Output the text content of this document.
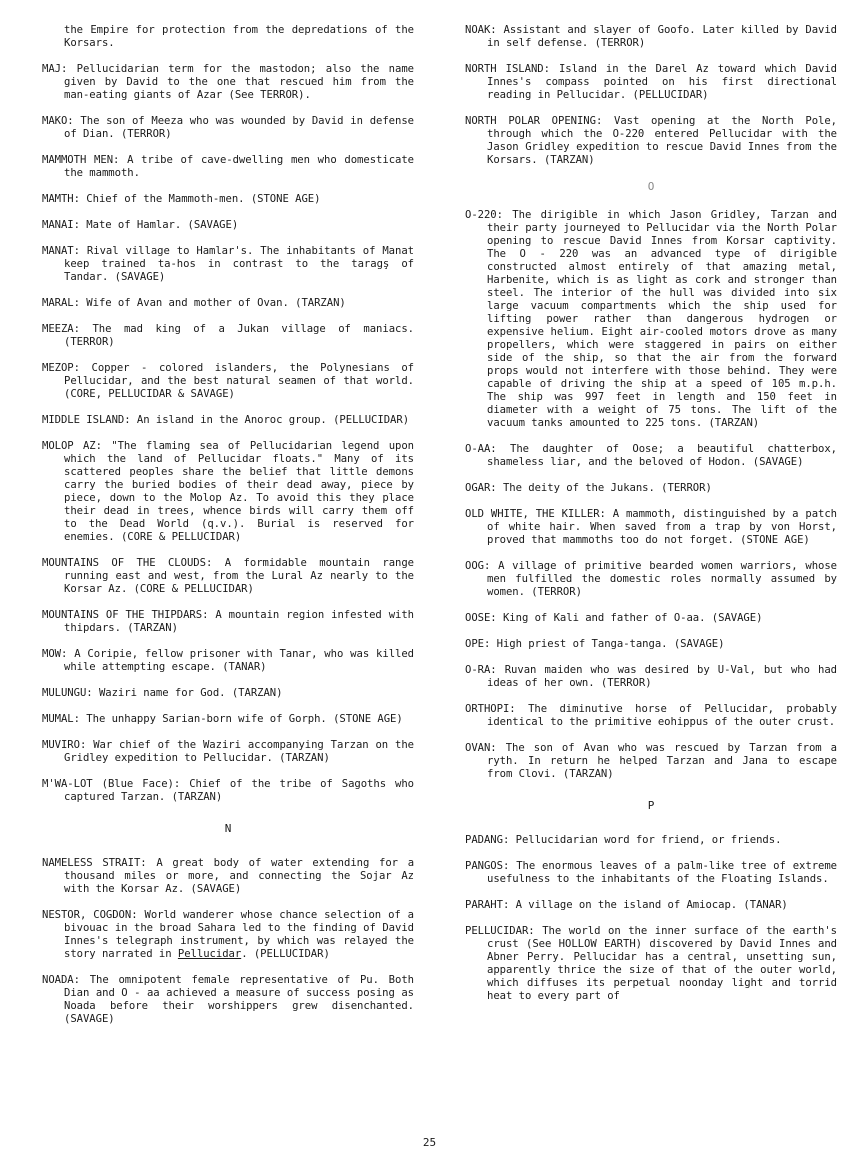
the Empire for protection from the depredations of the Korsars.

MAJ: Pellucidarian term for the mastodon; also the name given by David to the one that rescued him from the man-eating giants of Azar (See TERROR).

MAKO: The son of Meeza who was wounded by David in defense of Dian. (TERROR)

MAMMOTH MEN: A tribe of cave-dwelling men who domesticate the mammoth.

MAMTH: Chief of the Mammoth-men. (STONE AGE)

MANAI: Mate of Hamlar. (SAVAGE)

MANAT: Rival village to Hamlar's. The inhabitants of Manat keep trained ta-hos in contrast to the taragş of Tandar. (SAVAGE)

MARAL: Wife of Avan and mother of Ovan. (TARZAN)

MEEZA: The mad king of a Jukan village of maniacs. (TERROR)

MEZOP: Copper - colored islanders, the Polynesians of Pellucidar, and the best natural seamen of that world. (CORE, PELLUCIDAR & SAVAGE)

MIDDLE ISLAND: An island in the Anoroc group. (PELLUCIDAR)

MOLOP AZ: "The flaming sea of Pellucidarian legend upon which the land of Pellucidar floats." Many of its scattered peoples share the belief that little demons carry the buried bodies of their dead away, piece by piece, down to the Molop Az. To avoid this they place their dead in trees, whence birds will carry them off to the Dead World (q.v.). Burial is reserved for enemies. (CORE & PELLUCIDAR)

MOUNTAINS OF THE CLOUDS: A formidable mountain range running east and west, from the Lural Az nearly to the Korsar Az. (CORE & PELLUCIDAR)

MOUNTAINS OF THE THIPDARS: A mountain region infested with thipdars. (TARZAN)

MOW: A Coripie, fellow prisoner with Tanar, who was killed while attempting escape. (TANAR)

MULUNGU: Waziri name for God. (TARZAN)

MUMAL: The unhappy Sarian-born wife of Gorph. (STONE AGE)

MUVIRO: War chief of the Waziri accompanying Tarzan on the Gridley expedition to Pellucidar. (TARZAN)

M'WA-LOT (Blue Face): Chief of the tribe of Sagoths who captured Tarzan. (TARZAN)

N

NAMELESS STRAIT: A great body of water extending for a thousand miles or more, and connecting the Sojar Az with the Korsar Az. (SAVAGE)

NESTOR, COGDON: World wanderer whose chance selection of a bivouac in the broad Sahara led to the finding of David Innes's telegraph instrument, by which was relayed the story narrated in Pellucidar. (PELLUCIDAR)

NOADA: The omnipotent female representative of Pu. Both Dian and O - aa achieved a measure of success posing as Noada before their worshippers grew disenchanted. (SAVAGE)

NOAK: Assistant and slayer of Goofo. Later killed by David in self defense. (TERROR)

NORTH ISLAND: Island in the Darel Az toward which David Innes's compass pointed on his first directional reading in Pellucidar. (PELLUCIDAR)

NORTH POLAR OPENING: Vast opening at the North Pole, through which the O-220 entered Pellucidar with the Jason Gridley expedition to rescue David Innes from the Korsars. (TARZAN)

O

O-220: The dirigible in which Jason Gridley, Tarzan and their party journeyed to Pellucidar via the North Polar opening to rescue David Innes from Korsar captivity. The O - 220 was an advanced type of dirigible constructed almost entirely of that amazing metal, Harbenite, which is as light as cork and stronger than steel. The interior of the hull was divided into six large vacuum compartments which the ship used for lifting power rather than dangerous hydrogen or expensive helium. Eight air-cooled motors drove as many propellers, which were staggered in pairs on either side of the ship, so that the air from the forward props would not interfere with those behind. They were capable of driving the ship at a speed of 105 m.p.h. The ship was 997 feet in length and 150 feet in diameter with a weight of 75 tons. The lift of the vacuum tanks amounted to 225 tons. (TARZAN)

O-AA: The daughter of Oose; a beautiful chatterbox, shameless liar, and the beloved of Hodon. (SAVAGE)

OGAR: The deity of the Jukans. (TERROR)

OLD WHITE, THE KILLER: A mammoth, distinguished by a patch of white hair. When saved from a trap by von Horst, proved that mammoths too do not forget. (STONE AGE)

OOG: A village of primitive bearded women warriors, whose men fulfilled the domestic roles normally assumed by women. (TERROR)

OOSE: King of Kali and father of O-aa. (SAVAGE)

OPE: High priest of Tanga-tanga. (SAVAGE)

O-RA: Ruvan maiden who was desired by U-Val, but who had ideas of her own. (TERROR)

ORTHOPI: The diminutive horse of Pellucidar, probably identical to the primitive eohippus of the outer crust.

OVAN: The son of Avan who was rescued by Tarzan from a ryth. In return he helped Tarzan and Jana to escape from Clovi. (TARZAN)

P

PADANG: Pellucidarian word for friend, or friends.

PANGOS: The enormous leaves of a palm-like tree of extreme usefulness to the inhabitants of the Floating Islands.

PARAHT: A village on the island of Amiocap. (TANAR)

PELLUCIDAR: The world on the inner surface of the earth's crust (See HOLLOW EARTH) discovered by David Innes and Abner Perry. Pellucidar has a central, unsetting sun, apparently thrice the size of that of the outer world, which diffuses its perpetual noonday light and torrid heat to every part of

25
